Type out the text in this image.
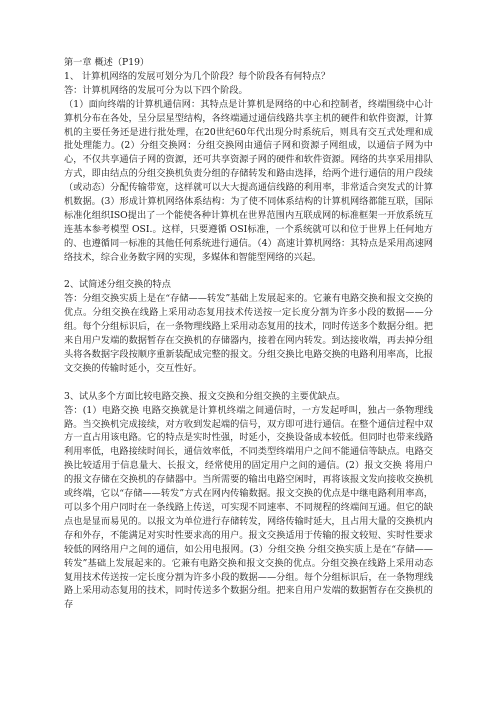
第一章 概述（P19）
1、 计算机网络的发展可划分为几个阶段？每个阶段各有何特点？
答：计算机网络的发展可分为以下四个阶段。
（1）面向终端的计算机通信网：其特点是计算机是网络的中心和控制者，终端围绕中心计算机分布在各处，呈分层星型结构，各终端通过通信线路共享主机的硬件和软件资源，计算机的主要任务还是进行批处理，在20世纪60年代出现分时系统后，则具有交互式处理和成批处理能力。(2）分组交换网：分组交换网由通信子网和资源子网组成，以通信子网为中心，不仅共享通信子网的资源，还可共享资源子网的硬件和软件资源。网络的共享采用排队方式，即由结点的分组交换机负责分组的存储转发和路由选择，给两个进行通信的用户段续（或动态）分配传输带宽，这样就可以大大提高通信线路的利用率，非常适合突发式的计算机数据。(3）形成计算机网络体系结构：为了使不同体系结构的计算机网络都能互联，国际标准化组织ISO提出了一个能使各种计算机在世界范围内互联成网的标准框架一开放系统互连基本参考模型 OSI.。这样，只要遵循 OSI标准，一个系统就可以和位于世界上任何地方的、也遵循同一标准的其他任何系统进行通信。（4）高速计算机网络：其特点是采用高速网络技术，综合业务数字网的实现，多媒体和智能型网络的兴起。
2、试简述分组交换的特点
答：分组交换实质上是在“存储——转发”基础上发展起来的。它兼有电路交换和报文交换的优点。分组交换在线路上采用动态复用技术传送按一定长度分割为许多小段的数据——分组。每个分组标识后，在一条物理线路上采用动态复用的技术，同时传送多个数据分组。把来自用户发端的数据暂存在交换机的存储器内，接着在网内转发。到达接收端，再去掉分组头将各数据字段按顺序重新装配成完整的报文。分组交换比电路交换的电路利用率高，比报文交换的传输时延小，交互性好。
3、试从多个方面比较电路交换、报文交换和分组交换的主要优缺点。
答：(1）电路交换 电路交换就是计算机终端之间通信时，一方发起呼叫，独占一条物理线路。当交换机完成接续，对方收到发起端的信号，双方即可进行通信。在整个通信过程中双方一直占用该电路。它的特点是实时性强，时延小，交换设备成本较低。但同时也带来线路利用率低，电路接续时间长，通信效率低，不同类型终端用户之间不能通信等缺点。电路交换比较适用于信息量大、长报文，经常使用的固定用户之间的通信。(2）报文交换 将用户的报文存储在交换机的存储器中。当所需要的输出电路空闲时，再将该报文发向接收交换机或终端，它以“存储——转发”方式在网内传输数据。报文交换的优点是中继电路利用率高，可以多个用户同时在一条线路上传送，可实现不同速率、不同规程的终端间互通。但它的缺点也是显而易见的。以报文为单位进行存储转发，网络传输时延大，且占用大量的交换机内存和外存，不能满足对实时性要求高的用户。报文交换适用于传输的报文较短、实时性要求较低的网络用户之间的通信，如公用电报网。(3）分组交换 分组交换实质上是在“存储——转发”基础上发展起来的。它兼有电路交换和报文交换的优点。分组交换在线路上采用动态复用技术传送按一定长度分割为许多小段的数据——分组。每个分组标识后，在一条物理线路上采用动态复用的技术，同时传送多个数据分组。把来自用户发端的数据暂存在交换机的存
